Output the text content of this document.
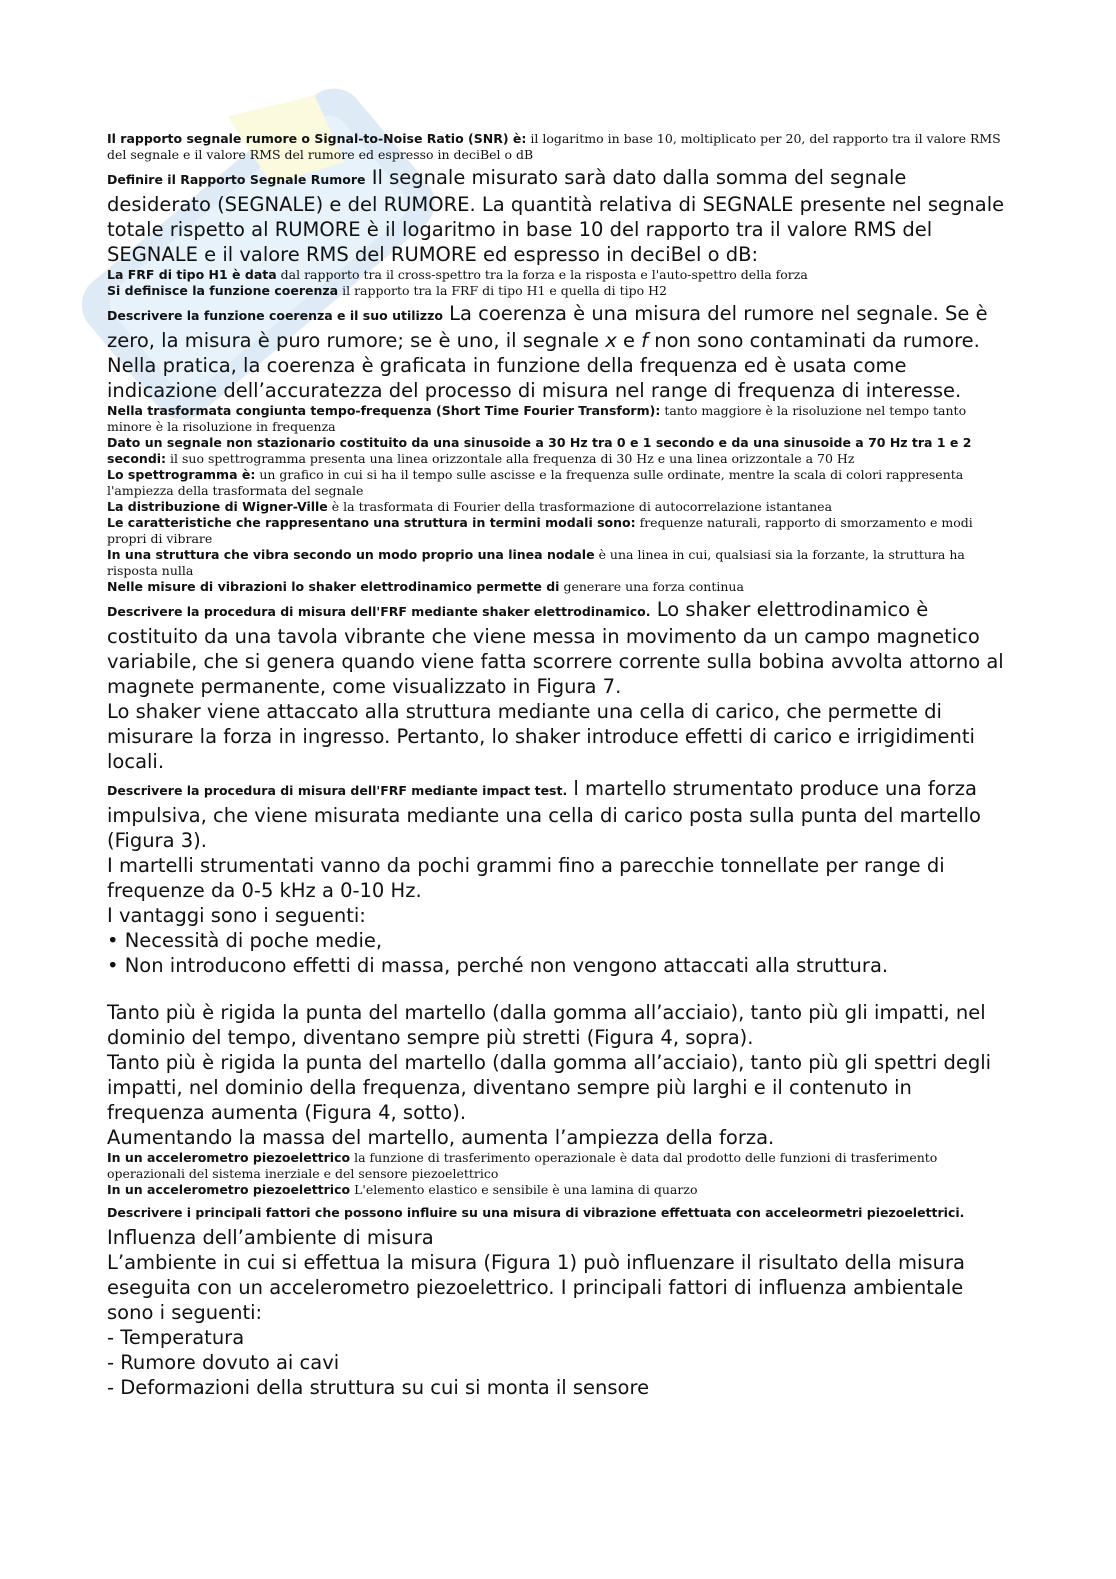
Il rapporto segnale rumore o Signal-to-Noise Ratio (SNR) è: il logaritmo in base 10, moltiplicato per 20, del rapporto tra il valore RMS del segnale e il valore RMS del rumore ed espresso in deciBel o dB

Definire il Rapporto Segnale Rumore Il segnale misurato sarà dato dalla somma del segnale desiderato (SEGNALE) e del RUMORE. La quantità relativa di SEGNALE presente nel segnale totale rispetto al RUMORE è il logaritmo in base 10 del rapporto tra il valore RMS del SEGNALE e il valore RMS del RUMORE ed espresso in deciBel o dB:

La FRF di tipo H1 è data dal rapporto tra il cross-spettro tra la forza e la risposta e l'auto-spettro della forza

Si definisce la funzione coerenza il rapporto tra la FRF di tipo H1 e quella di tipo H2

Descrivere la funzione coerenza e il suo utilizzo La coerenza è una misura del rumore nel segnale. Se è zero, la misura è puro rumore; se è uno, il segnale x e f non sono contaminati da rumore.

Nella pratica, la coerenza è graficata in funzione della frequenza ed è usata come indicazione dell’accuratezza del processo di misura nel range di frequenza di interesse.

Nella trasformata congiunta tempo-frequenza (Short Time Fourier Transform): tanto maggiore è la risoluzione nel tempo tanto minore è la risoluzione in frequenza

Dato un segnale non stazionario costituito da una sinusoide a 30 Hz tra 0 e 1 secondo e da una sinusoide a 70 Hz tra 1 e 2 secondi: il suo spettrogramma presenta una linea orizzontale alla frequenza di 30 Hz e una linea orizzontale a 70 Hz

Lo spettrogramma è: un grafico in cui si ha il tempo sulle ascisse e la frequenza sulle ordinate, mentre la scala di colori rappresenta l'ampiezza della trasformata del segnale

La distribuzione di Wigner-Ville è la trasformata di Fourier della trasformazione di autocorrelazione istantanea

Le caratteristiche che rappresentano una struttura in termini modali sono: frequenze naturali, rapporto di smorzamento e modi propri di vibrare

In una struttura che vibra secondo un modo proprio una linea nodale è una linea in cui, qualsiasi sia la forzante, la struttura ha risposta nulla

Nelle misure di vibrazioni lo shaker elettrodinamico permette di generare una forza continua

Descrivere la procedura di misura dell'FRF mediante shaker elettrodinamico. Lo shaker elettrodinamico è costituito da una tavola vibrante che viene messa in movimento da un campo magnetico variabile, che si genera quando viene fatta scorrere corrente sulla bobina avvolta attorno al magnete permanente, come visualizzato in Figura 7.

Lo shaker viene attaccato alla struttura mediante una cella di carico, che permette di misurare la forza in ingresso. Pertanto, lo shaker introduce effetti di carico e irrigidimenti locali.

Descrivere la procedura di misura dell'FRF mediante impact test. l martello strumentato produce una forza impulsiva, che viene misurata mediante una cella di carico posta sulla punta del martello (Figura 3).

I martelli strumentati vanno da pochi grammi fino a parecchie tonnellate per range di frequenze da 0-5 kHz a 0-10 Hz.

I vantaggi sono i seguenti:

• Necessità di poche medie,

• Non introducono effetti di massa, perché non vengono attaccati alla struttura.

Tanto più è rigida la punta del martello (dalla gomma all’acciaio), tanto più gli impatti, nel dominio del tempo, diventano sempre più stretti (Figura 4, sopra).

Tanto più è rigida la punta del martello (dalla gomma all’acciaio), tanto più gli spettri degli impatti, nel dominio della frequenza, diventano sempre più larghi e il contenuto in frequenza aumenta (Figura 4, sotto).

Aumentando la massa del martello, aumenta l’ampiezza della forza.

In un accelerometro piezoelettrico la funzione di trasferimento operazionale è data dal prodotto delle funzioni di trasferimento operazionali del sistema inerziale e del sensore piezoelettrico

In un accelerometro piezoelettrico L'elemento elastico e sensibile è una lamina di quarzo

Descrivere i principali fattori che possono influire su una misura di vibrazione effettuata con acceleormetri piezoelettrici. Influenza dell’ambiente di misura

L’ambiente in cui si effettua la misura (Figura 1) può influenzare il risultato della misura eseguita con un accelerometro piezoelettrico. I principali fattori di influenza ambientale sono i seguenti:

- Temperatura

- Rumore dovuto ai cavi

- Deformazioni della struttura su cui si monta il sensore
